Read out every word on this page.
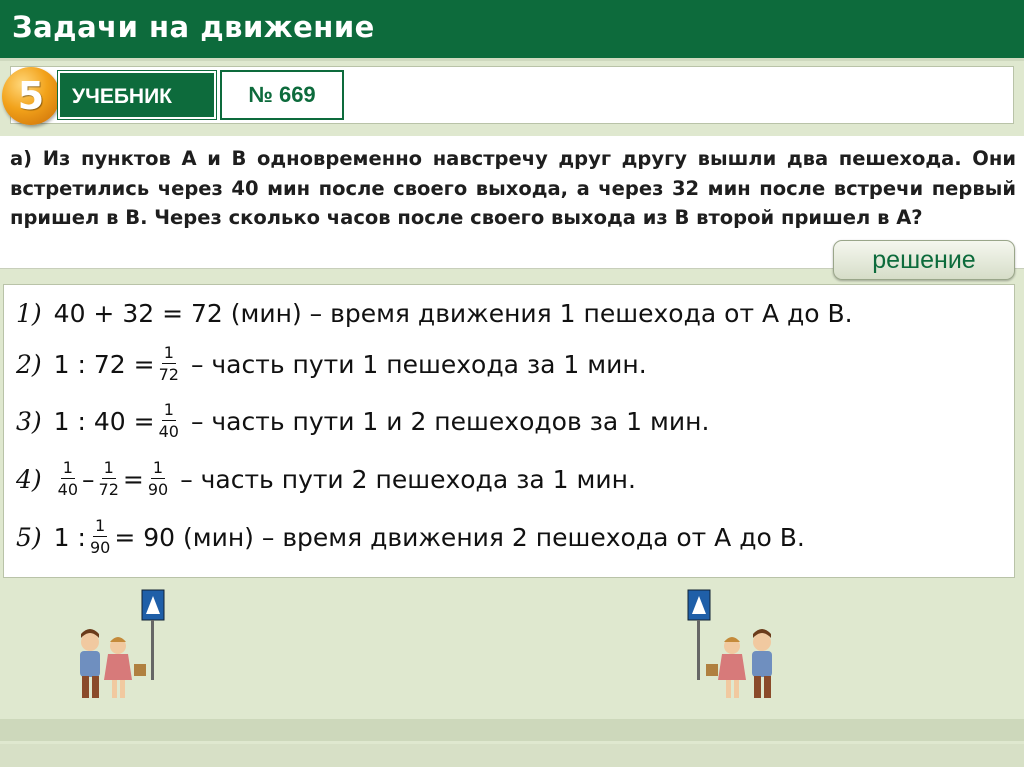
Задачи на движение
5	УЧЕБНИК	№ 669
а) Из пунктов А и В одновременно навстречу друг другу вышли два пешехода. Они встретились через 40 мин после своего выхода, а через 32 мин после встречи первый пришел в В. Через сколько часов после своего выхода из В второй пришел в А?
решение
1) 40 + 32 = 72 (мин) – время движения 1 пешехода от А до В.
2) 1 : $72 = \frac{1}{72}$ – часть пути 1 пешехода за 1 мин.
3) 1 : $40 = \frac{1}{40}$ – часть пути 1 и 2 пешеходов за 1 мин.
$4) \frac{1}{40} - \frac{1}{72} = \frac{1}{90}$ – часть пути 2 пешехода за 1 мин.
5) 1 : $\frac{1}{90} = 90$ (мин) – время движения 2 пешехода от А до В.
